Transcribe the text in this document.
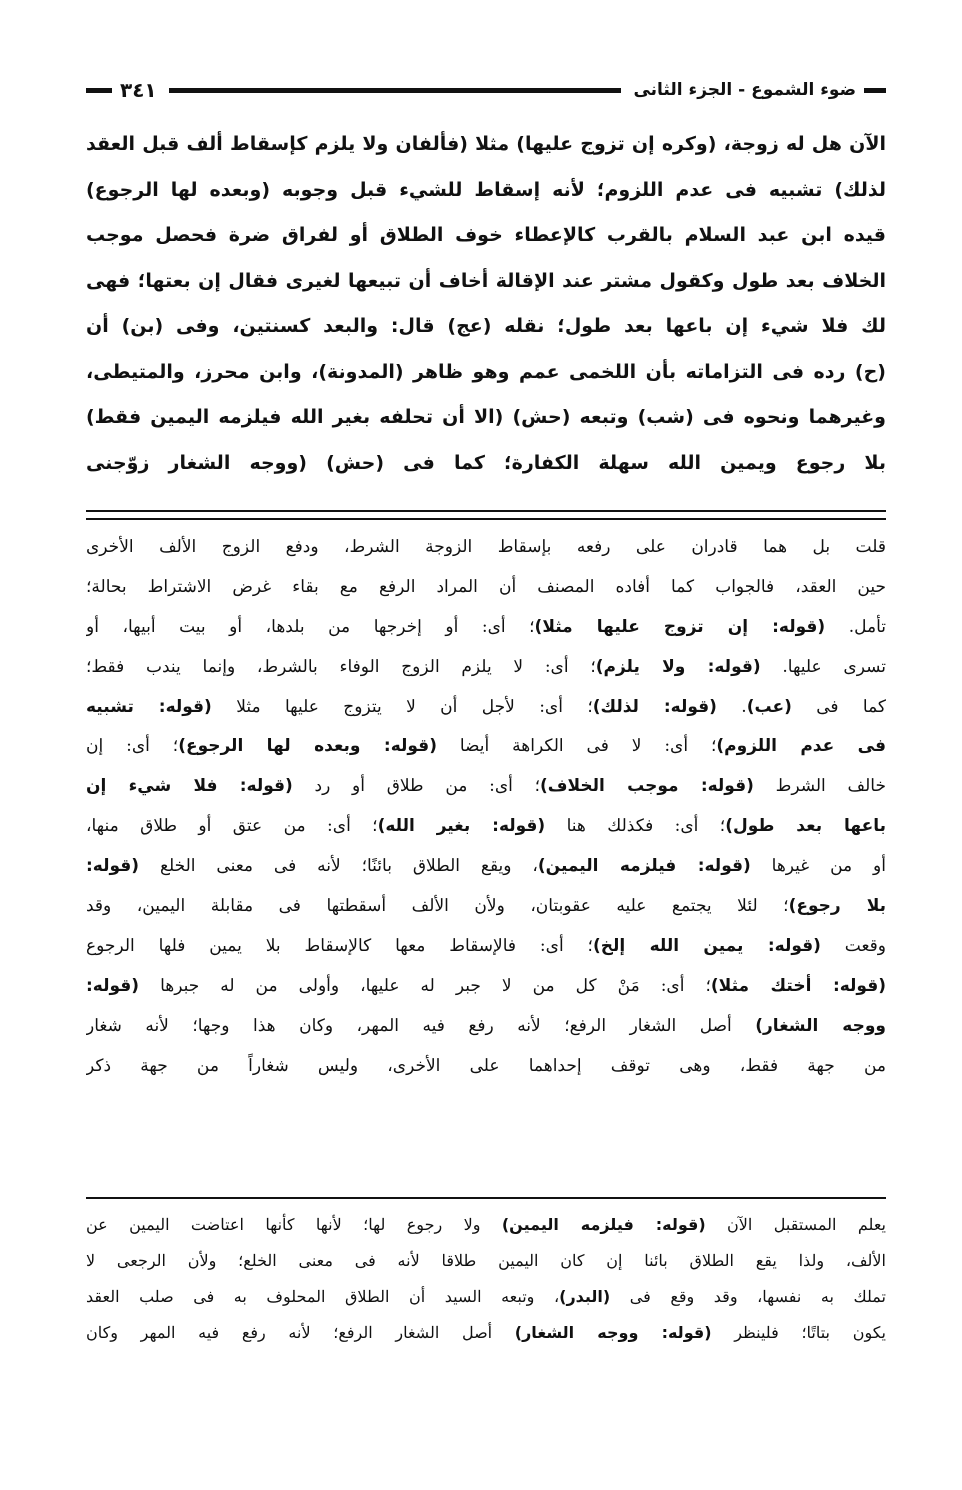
ضوء الشموع - الجزء الثانى
٣٤١
الآن هل له زوجة، (وكره إن تزوج عليها) مثلا (فألفان ولا يلزم كإسقاط ألف قبل العقد
لذلك) تشبيه فى عدم اللزوم؛ لأنه إسقاط للشيء قبل وجوبه (وبعده لها الرجوع)
قيده ابن عبد السلام بالقرب كالإعطاء خوف الطلاق أو لفراق ضرة فحصل موجب
الخلاف بعد طول وكقول مشتر عند الإقالة أخاف أن تبيعها لغيرى فقال إن بعتها؛ فهى
لك فلا شيء إن باعها بعد طول؛ نقله (عج) قال: والبعد كسنتين، وفى (بن) أن
(ح) رده فى التزاماته بأن اللخمى عمم وهو ظاهر (المدونة)، وابن محرز، والمتيطى،
وغيرهما ونحوه فى (شب) وتبعه (حش) (الا أن تحلفه بغير الله فيلزمه اليمين فقط)
بلا رجوع ويمين الله سهلة الكفارة؛ كما فى (حش) (ووجه الشغار زوّجنى
قلت بل هما قادران على رفعه بإسقاط الزوجة الشرط، ودفع الزوج الألف الأخرى
حين العقد، فالجواب كما أفاده المصنف أن المراد الرفع مع بقاء غرض الاشتراط بحالة؛
تأمل. (قوله: إن تزوج عليها مثلا)؛ أى: أو إخرجها من بلدها، أو بيت أبيها، أو
تسرى عليها. (قوله: ولا يلزم)؛ أى: لا يلزم الزوج الوفاء بالشرط، وإنما يندب فقط؛
كما فى (عب). (قوله: لذلك)؛ أى: لأجل أن لا يتزوج عليها مثلا (قوله: تشبيه
فى عدم اللزوم)؛ أى: لا فى الكراهة أيضا (قوله: وبعده لها الرجوع)؛ أى: إن
خالف الشرط (قوله: موجب الخلاف)؛ أى: من طلاق أو رد (قوله: فلا شيء إن
باعها بعد طول)؛ أى: فكذلك هنا (قوله: بغير الله)؛ أى: من عتق أو طلاق منها،
أو من غيرها (قوله: فيلزمه اليمين)، ويقع الطلاق بائنًا؛ لأنه فى معنى الخلع (قوله:
بلا رجوع)؛ لئلا يجتمع عليه عقوبتان، ولأن الألف أسقطتها فى مقابلة اليمين، وقد
وقعت (قوله: يمين الله إلخ)؛ أى: فالإسقاط معها كالإسقاط بلا يمين فلها الرجوع
(قوله: أختك مثلا)؛ أى: مَنْ كل من لا جبر له عليها، وأولى من له جبرها (قوله:
ووجه الشغار) أصل الشغار الرفع؛ لأنه رفع فيه المهر، وكان هذا وجها؛ لأنه شغار
من جهة فقط، وهى توقف إحداهما على الأخرى، وليس شغاراً من جهة ذكر
يعلم المستقبل الآن (قوله: فيلزمه اليمين) ولا رجوع لها؛ لأنها كأنها اعتاضت اليمين عن
الألف، ولذا يقع الطلاق بائنا إن كان اليمين طلاقا لأنه فى معنى الخلع؛ ولأن الرجعى لا
تملك به نفسها، وقد وقع فى (البدر)، وتبعه السيد أن الطلاق المحلوف به فى صلب العقد
يكون بتاتًا؛ فلينظر (قوله: ووجه الشغار) أصل الشغار الرفع؛ لأنه رفع فيه المهر وكان
